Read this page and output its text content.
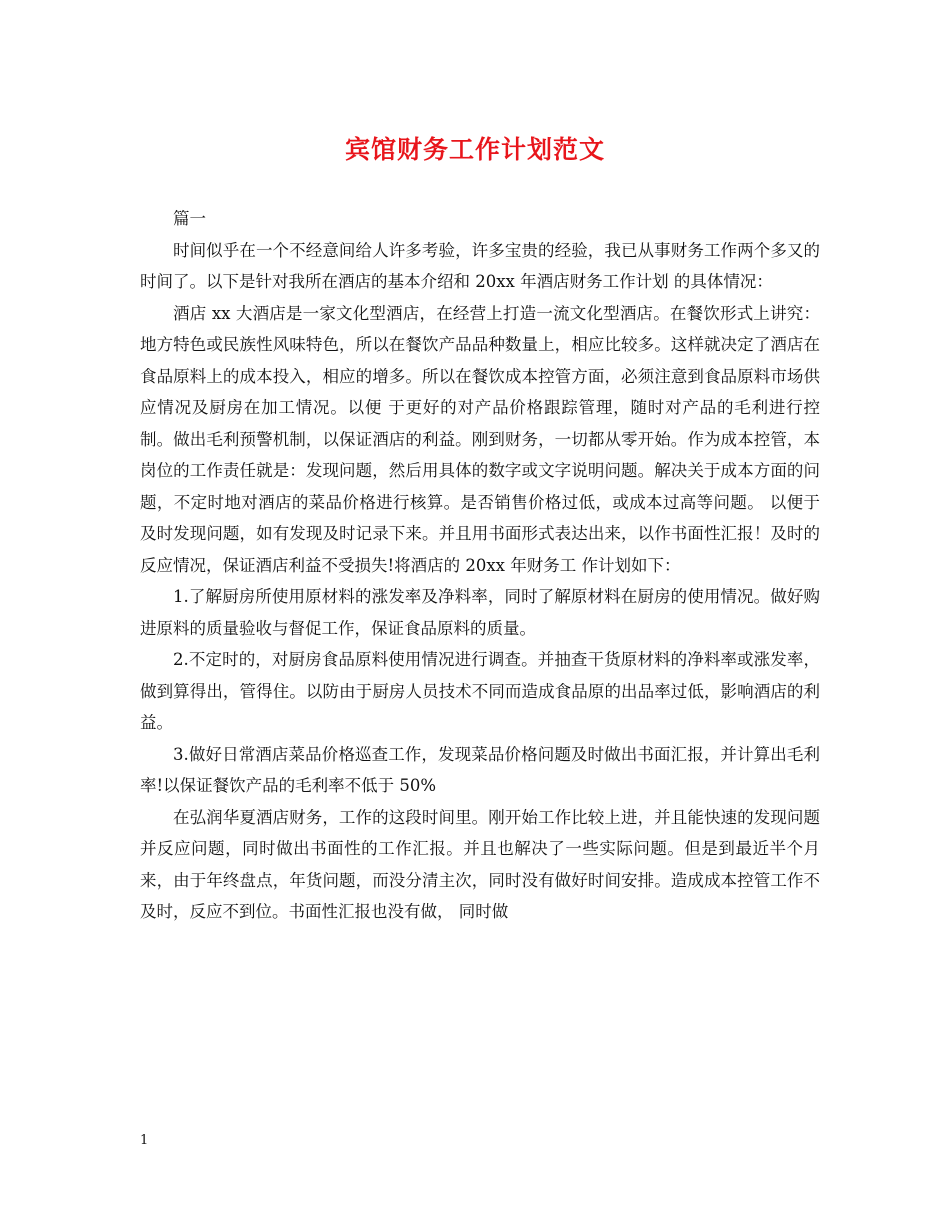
宾馆财务工作计划范文

篇一

时间似乎在一个不经意间给人许多考验，许多宝贵的经验，我已从事财务工作两个多又的时间了。以下是针对我所在酒店的基本介绍和 20xx 年酒店财务工作计划 的具体情况：

酒店 xx 大酒店是一家文化型酒店，在经营上打造一流文化型酒店。在餐饮形式上讲究：地方特色或民族性风味特色，所以在餐饮产品品种数量上，相应比较多。这样就决定了酒店在食品原料上的成本投入，相应的增多。所以在餐饮成本控管方面，必须注意到食品原料市场供应情况及厨房在加工情况。以便 于更好的对产品价格跟踪管理，随时对产品的毛利进行控制。做出毛利预警机制，以保证酒店的利益。刚到财务，一切都从零开始。作为成本控管，本岗位的工作责任就是：发现问题，然后用具体的数字或文字说明问题。解决关于成本方面的问题，不定时地对酒店的菜品价格进行核算。是否销售价格过低，或成本过高等问题。 以便于及时发现问题，如有发现及时记录下来。并且用书面形式表达出来，以作书面性汇报！及时的反应情况，保证酒店利益不受损失!将酒店的 20xx 年财务工 作计划如下：

1.了解厨房所使用原材料的涨发率及净料率，同时了解原材料在厨房的使用情况。做好购进原料的质量验收与督促工作，保证食品原料的质量。

2.不定时的，对厨房食品原料使用情况进行调查。并抽查干货原材料的净料率或涨发率，做到算得出，管得住。以防由于厨房人员技术不同而造成食品原的出品率过低，影响酒店的利益。

3.做好日常酒店菜品价格巡查工作，发现菜品价格问题及时做出书面汇报，并计算出毛利率!以保证餐饮产品的毛利率不低于 50%

在弘润华夏酒店财务，工作的这段时间里。刚开始工作比较上进，并且能快速的发现问题并反应问题，同时做出书面性的工作汇报。并且也解决了一些实际问题。但是到最近半个月来，由于年终盘点，年货问题，而没分清主次，同时没有做好时间安排。造成成本控管工作不及时，反应不到位。书面性汇报也没有做， 同时做

1
